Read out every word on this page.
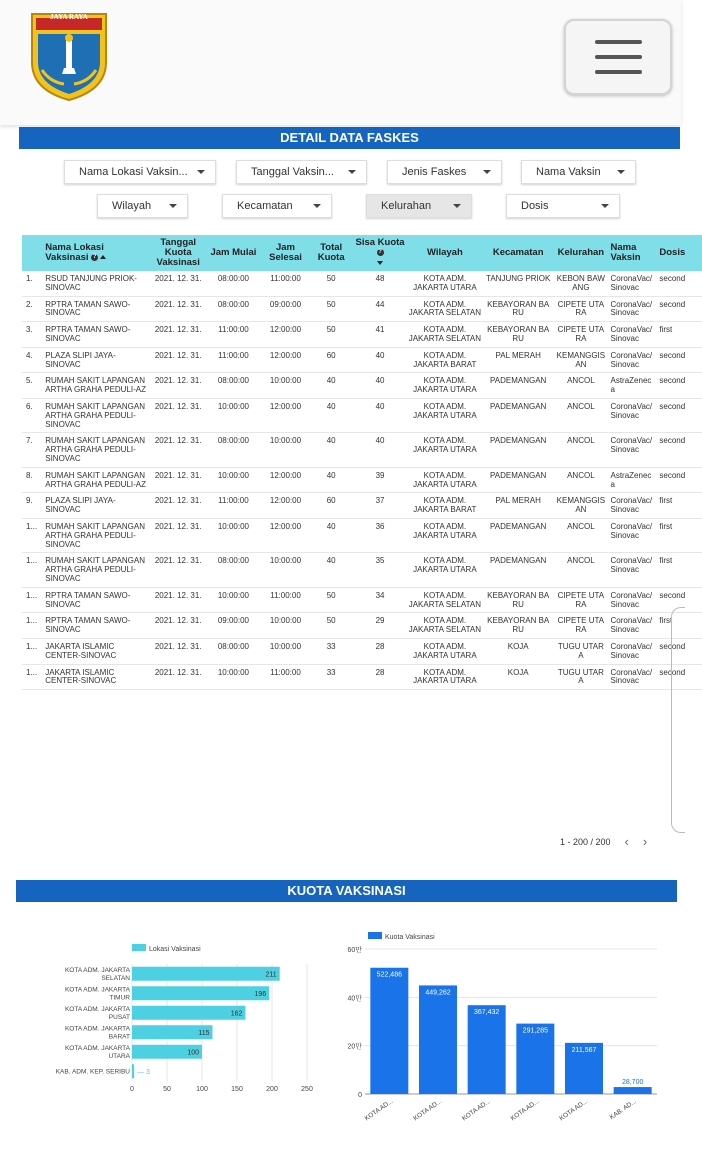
JAYA RAYA
DETAIL DATA FASKES
Nama Lokasi Vaksin...	Tanggal Vaksin...	Jenis Faskes	Nama Vaksin
Wilayah	Kecamatan	Kelurahan	Dosis
	Nama Lokasi Vaksinasi ?	Tanggal Kuota Vaksinasi	Jam Mulai	Jam Selesai	Total Kuota	Sisa Kuota ?	Wilayah	Kecamatan	Kelurahan	Nama Vaksin	Dosis
1.	RSUD TANJUNG PRIOK-SINOVAC	2021. 12. 31.	08:00:00	11:00:00	50	48	KOTA ADM. JAKARTA UTARA	TANJUNG PRIOK	KEBON BAWANG	CoronaVac/Sinovac	second
2.	RPTRA TAMAN SAWO-SINOVAC	2021. 12. 31.	08:00:00	09:00:00	50	44	KOTA ADM. JAKARTA SELATAN	KEBAYORAN BARU	CIPETE UTARA	CoronaVac/Sinovac	second
3.	RPTRA TAMAN SAWO-SINOVAC	2021. 12. 31.	11:00:00	12:00:00	50	41	KOTA ADM. JAKARTA SELATAN	KEBAYORAN BARU	CIPETE UTARA	CoronaVac/Sinovac	first
4.	PLAZA SLIPI JAYA-SINOVAC	2021. 12. 31.	11:00:00	12:00:00	60	40	KOTA ADM. JAKARTA BARAT	PAL MERAH	KEMANGGISAN	CoronaVac/Sinovac	second
5.	RUMAH SAKIT LAPANGAN ARTHA GRAHA PEDULI-AZ	2021. 12. 31.	08:00:00	10:00:00	40	40	KOTA ADM. JAKARTA UTARA	PADEMANGAN	ANCOL	AstraZeneca	second
6.	RUMAH SAKIT LAPANGAN ARTHA GRAHA PEDULI-SINOVAC	2021. 12. 31.	10:00:00	12:00:00	40	40	KOTA ADM. JAKARTA UTARA	PADEMANGAN	ANCOL	CoronaVac/Sinovac	second
7.	RUMAH SAKIT LAPANGAN ARTHA GRAHA PEDULI-SINOVAC	2021. 12. 31.	08:00:00	10:00:00	40	40	KOTA ADM. JAKARTA UTARA	PADEMANGAN	ANCOL	CoronaVac/Sinovac	second
8.	RUMAH SAKIT LAPANGAN ARTHA GRAHA PEDULI-AZ	2021. 12. 31.	10:00:00	12:00:00	40	39	KOTA ADM. JAKARTA UTARA	PADEMANGAN	ANCOL	AstraZeneca	second
9.	PLAZA SLIPI JAYA-SINOVAC	2021. 12. 31.	11:00:00	12:00:00	60	37	KOTA ADM. JAKARTA BARAT	PAL MERAH	KEMANGGISAN	CoronaVac/Sinovac	first
1...	RUMAH SAKIT LAPANGAN ARTHA GRAHA PEDULI-SINOVAC	2021. 12. 31.	10:00:00	12:00:00	40	36	KOTA ADM. JAKARTA UTARA	PADEMANGAN	ANCOL	CoronaVac/Sinovac	first
1...	RUMAH SAKIT LAPANGAN ARTHA GRAHA PEDULI-SINOVAC	2021. 12. 31.	08:00:00	10:00:00	40	35	KOTA ADM. JAKARTA UTARA	PADEMANGAN	ANCOL	CoronaVac/Sinovac	first
1...	RPTRA TAMAN SAWO-SINOVAC	2021. 12. 31.	10:00:00	11:00:00	50	34	KOTA ADM. JAKARTA SELATAN	KEBAYORAN BARU	CIPETE UTARA	CoronaVac/Sinovac	second
1...	RPTRA TAMAN SAWO-SINOVAC	2021. 12. 31.	09:00:00	10:00:00	50	29	KOTA ADM. JAKARTA SELATAN	KEBAYORAN BARU	CIPETE UTARA	CoronaVac/Sinovac	first
1...	JAKARTA ISLAMIC CENTER-SINOVAC	2021. 12. 31.	08:00:00	10:00:00	33	28	KOTA ADM. JAKARTA UTARA	KOJA	TUGU UTARA	CoronaVac/Sinovac	second
1...	JAKARTA ISLAMIC CENTER-SINOVAC	2021. 12. 31.	10:00:00	11:00:00	33	28	KOTA ADM. JAKARTA UTARA	KOJA	TUGU UTARA	CoronaVac/Sinovac	second
1 - 200 / 200 ‹ ›
KUOTA VAKSINASI
Lokasi Vaksinasi
0	50	100	150	200	250
KOTA ADM. JAKARTA
SELATAN	211
KOTA ADM. JAKARTA
TIMUR	196
KOTA ADM. JAKARTA
PUSAT	162
KOTA ADM. JAKARTA
BARAT	115
KOTA ADM. JAKARTA
UTARA	100
KAB. ADM. KEP. SERIBU — 3
Kuota Vaksinasi
0
20만
40만
60만
522,486
KOTA AD...
449,262
KOTA AD...
367,432
KOTA AD...
291,285
KOTA AD...
211,567
KOTA AD...
28,700
KAB. AD...
